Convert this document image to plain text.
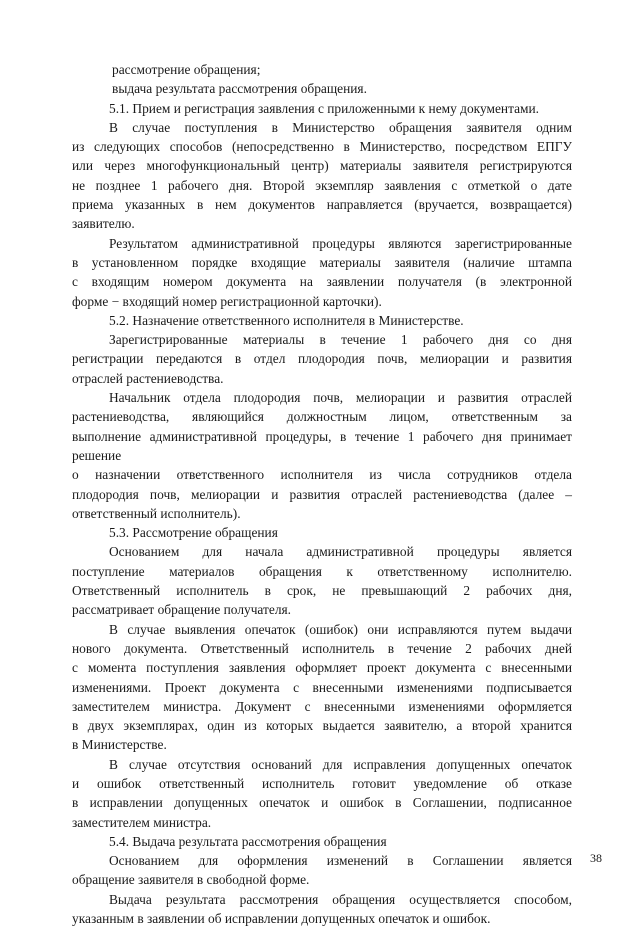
рассмотрение обращения;
выдача результата рассмотрения обращения.
5.1. Прием и регистрация заявления с приложенными к нему документами.
В случае поступления в Министерство обращения заявителя одним
из следующих способов (непосредственно в Министерство, посредством ЕПГУ
или через многофункциональный центр) материалы заявителя регистрируются
не позднее 1 рабочего дня. Второй экземпляр заявления с отметкой о дате
приема указанных в нем документов направляется (вручается, возвращается)
заявителю.
Результатом административной процедуры являются зарегистрированные
в установленном порядке входящие материалы заявителя (наличие штампа
с входящим номером документа на заявлении получателя (в электронной
форме − входящий номер регистрационной карточки).
5.2. Назначение ответственного исполнителя в Министерстве.
Зарегистрированные материалы в течение 1 рабочего дня со дня
регистрации передаются в отдел плодородия почв, мелиорации и развития
отраслей растениеводства.
Начальник отдела плодородия почв, мелиорации и развития отраслей
растениеводства, являющийся должностным лицом, ответственным за
выполнение административной процедуры, в течение 1 рабочего дня принимает
решение
о назначении ответственного исполнителя из числа сотрудников отдела
плодородия почв, мелиорации и развития отраслей растениеводства (далее –
ответственный исполнитель).
5.3. Рассмотрение обращения
Основанием для начала административной процедуры является
поступление материалов обращения к ответственному исполнителю.
Ответственный исполнитель в срок, не превышающий 2 рабочих дня,
рассматривает обращение получателя.
В случае выявления опечаток (ошибок) они исправляются путем выдачи
нового документа. Ответственный исполнитель в течение 2 рабочих дней
с момента поступления заявления оформляет проект документа с внесенными
изменениями. Проект документа с внесенными изменениями подписывается
заместителем министра. Документ с внесенными изменениями оформляется
в двух экземплярах, один из которых выдается заявителю, а второй хранится
в Министерстве.
В случае отсутствия оснований для исправления допущенных опечаток
и ошибок ответственный исполнитель готовит уведомление об отказе
в исправлении допущенных опечаток и ошибок в Соглашении, подписанное
заместителем министра.
5.4. Выдача результата рассмотрения обращения
Основанием для оформления изменений в Соглашении является
обращение заявителя в свободной форме.
Выдача результата рассмотрения обращения осуществляется способом,
указанным в заявлении об исправлении допущенных опечаток и ошибок.
38
